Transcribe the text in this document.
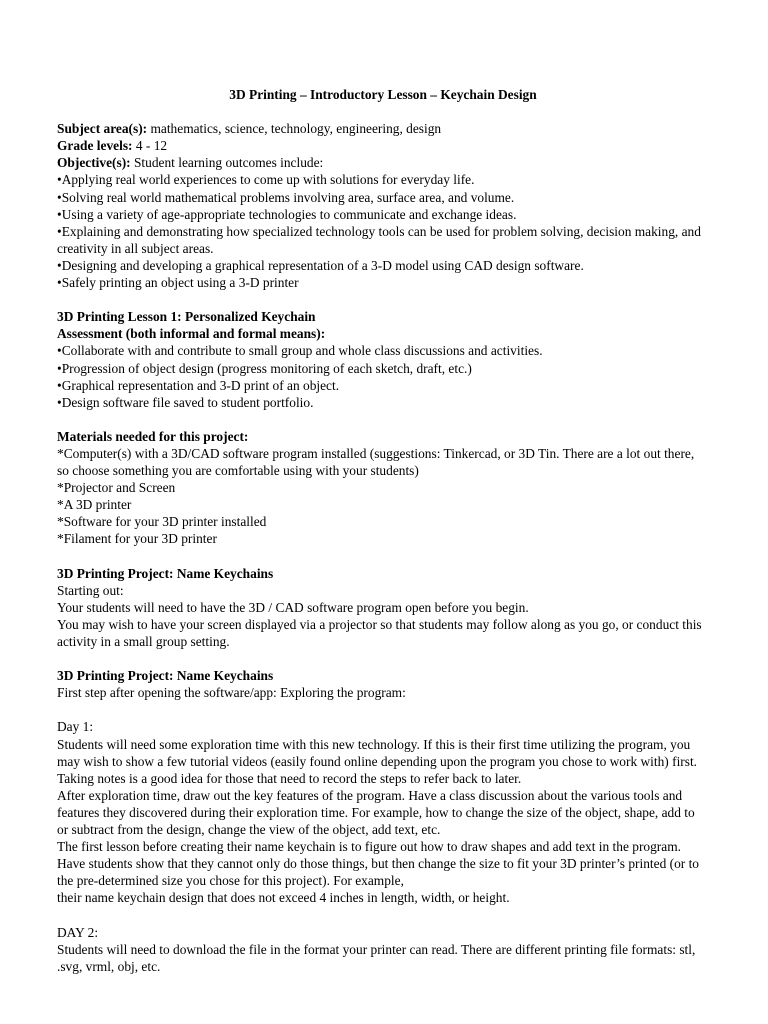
3D Printing – Introductory Lesson – Keychain Design
Subject area(s): mathematics, science, technology, engineering, design
Grade levels: 4 - 12
Objective(s): Student learning outcomes include:
•Applying real world experiences to come up with solutions for everyday life.
•Solving real world mathematical problems involving area, surface area, and volume.
•Using a variety of age-appropriate technologies to communicate and exchange ideas.
•Explaining and demonstrating how specialized technology tools can be used for problem solving, decision making, and creativity in all subject areas.
•Designing and developing a graphical representation of a 3-D model using CAD design software.
•Safely printing an object using a 3-D printer
3D Printing Lesson 1: Personalized Keychain
Assessment (both informal and formal means):
•Collaborate with and contribute to small group and whole class discussions and activities.
•Progression of object design (progress monitoring of each sketch, draft, etc.)
•Graphical representation and 3-D print of an object.
•Design software file saved to student portfolio.
Materials needed for this project:
*Computer(s) with a 3D/CAD software program installed (suggestions: Tinkercad, or 3D Tin. There are a lot out there, so choose something you are comfortable using with your students)
*Projector and Screen
*A 3D printer
*Software for your 3D printer installed
*Filament for your 3D printer
3D Printing Project: Name Keychains
Starting out:
Your students will need to have the 3D / CAD software program open before you begin.
You may wish to have your screen displayed via a projector so that students may follow along as you go, or conduct this activity in a small group setting.
3D Printing Project: Name Keychains
First step after opening the software/app: Exploring the program:
Day 1:
Students will need some exploration time with this new technology. If this is their first time utilizing the program, you may wish to show a few tutorial videos (easily found online depending upon the program you chose to work with) first. Taking notes is a good idea for those that need to record the steps to refer back to later.
After exploration time, draw out the key features of the program. Have a class discussion about the various tools and features they discovered during their exploration time. For example, how to change the size of the object, shape, add to or subtract from the design, change the view of the object, add text, etc.
The first lesson before creating their name keychain is to figure out how to draw shapes and add text in the program. Have students show that they cannot only do those things, but then change the size to fit your 3D printer’s printed (or to the pre-determined size you chose for this project). For example,
their name keychain design that does not exceed 4 inches in length, width, or height.
DAY 2:
Students will need to download the file in the format your printer can read. There are different printing file formats: stl, .svg, vrml, obj, etc.
